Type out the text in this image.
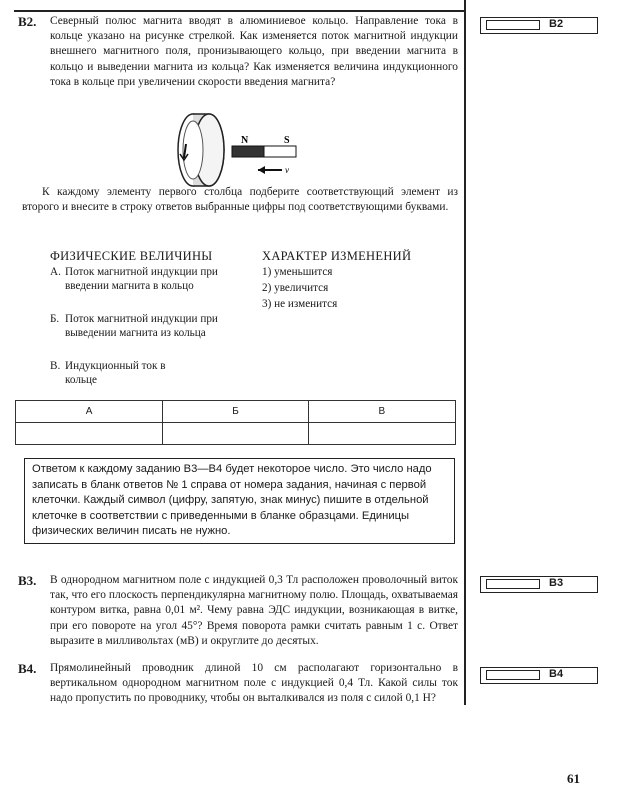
B2. Северный полюс магнита вводят в алюминиевое кольцо. Направление тока в кольце указано на рисунке стрелкой. Как изменяется поток магнитной индукции внешнего магнитного поля, пронизывающего кольцо, при введении магнита в кольцо и выведении магнита из кольца? Как изменяется величина индукционного тока в кольце при увеличении скорости введения магнита?

B2
N	S
v

К каждому элементу первого столбца подберите соответствующий элемент из второго и внесите в строку ответов выбранные цифры под соответствующими буквами.

ФИЗИЧЕСКИЕ ВЕЛИЧИНЫ	ХАРАКТЕР ИЗМЕНЕНИЙ
А. Поток магнитной индукции при введении магнита в кольцо
Б. Поток магнитной индукции при выведении магнита из кольца
В. Индукционный ток в кольце
1) уменьшится
2) увеличится
3) не изменится
А	Б	В

Ответом к каждому заданию В3—В4 будет некоторое число. Это число надо записать в бланк ответов № 1 справа от номера задания, начиная с первой клеточки. Каждый символ (цифру, запятую, знак минус) пишите в отдельной клеточке в соответствии с приведенными в бланке образцами. Единицы физических величин писать не нужно.
B3. В однородном магнитном поле с индукцией 0,3 Тл расположен проволочный виток так, что его плоскость перпендикулярна магнитному полю. Площадь, охватываемая контуром витка, равна 0,01 м². Чему равна ЭДС индукции, возникающая в витке, при его повороте на угол 45°? Время поворота рамки считать равным 1 с. Ответ выразите в милливольтах (мВ) и округлите до десятых.

B3
B4. Прямолинейный проводник длиной 10 см располагают горизонтально в вертикальном однородном магнитном поле с индукцией 0,4 Тл. Какой силы ток надо пропустить по проводнику, чтобы он выталкивался из поля с силой 0,1 Н?

B4
61
